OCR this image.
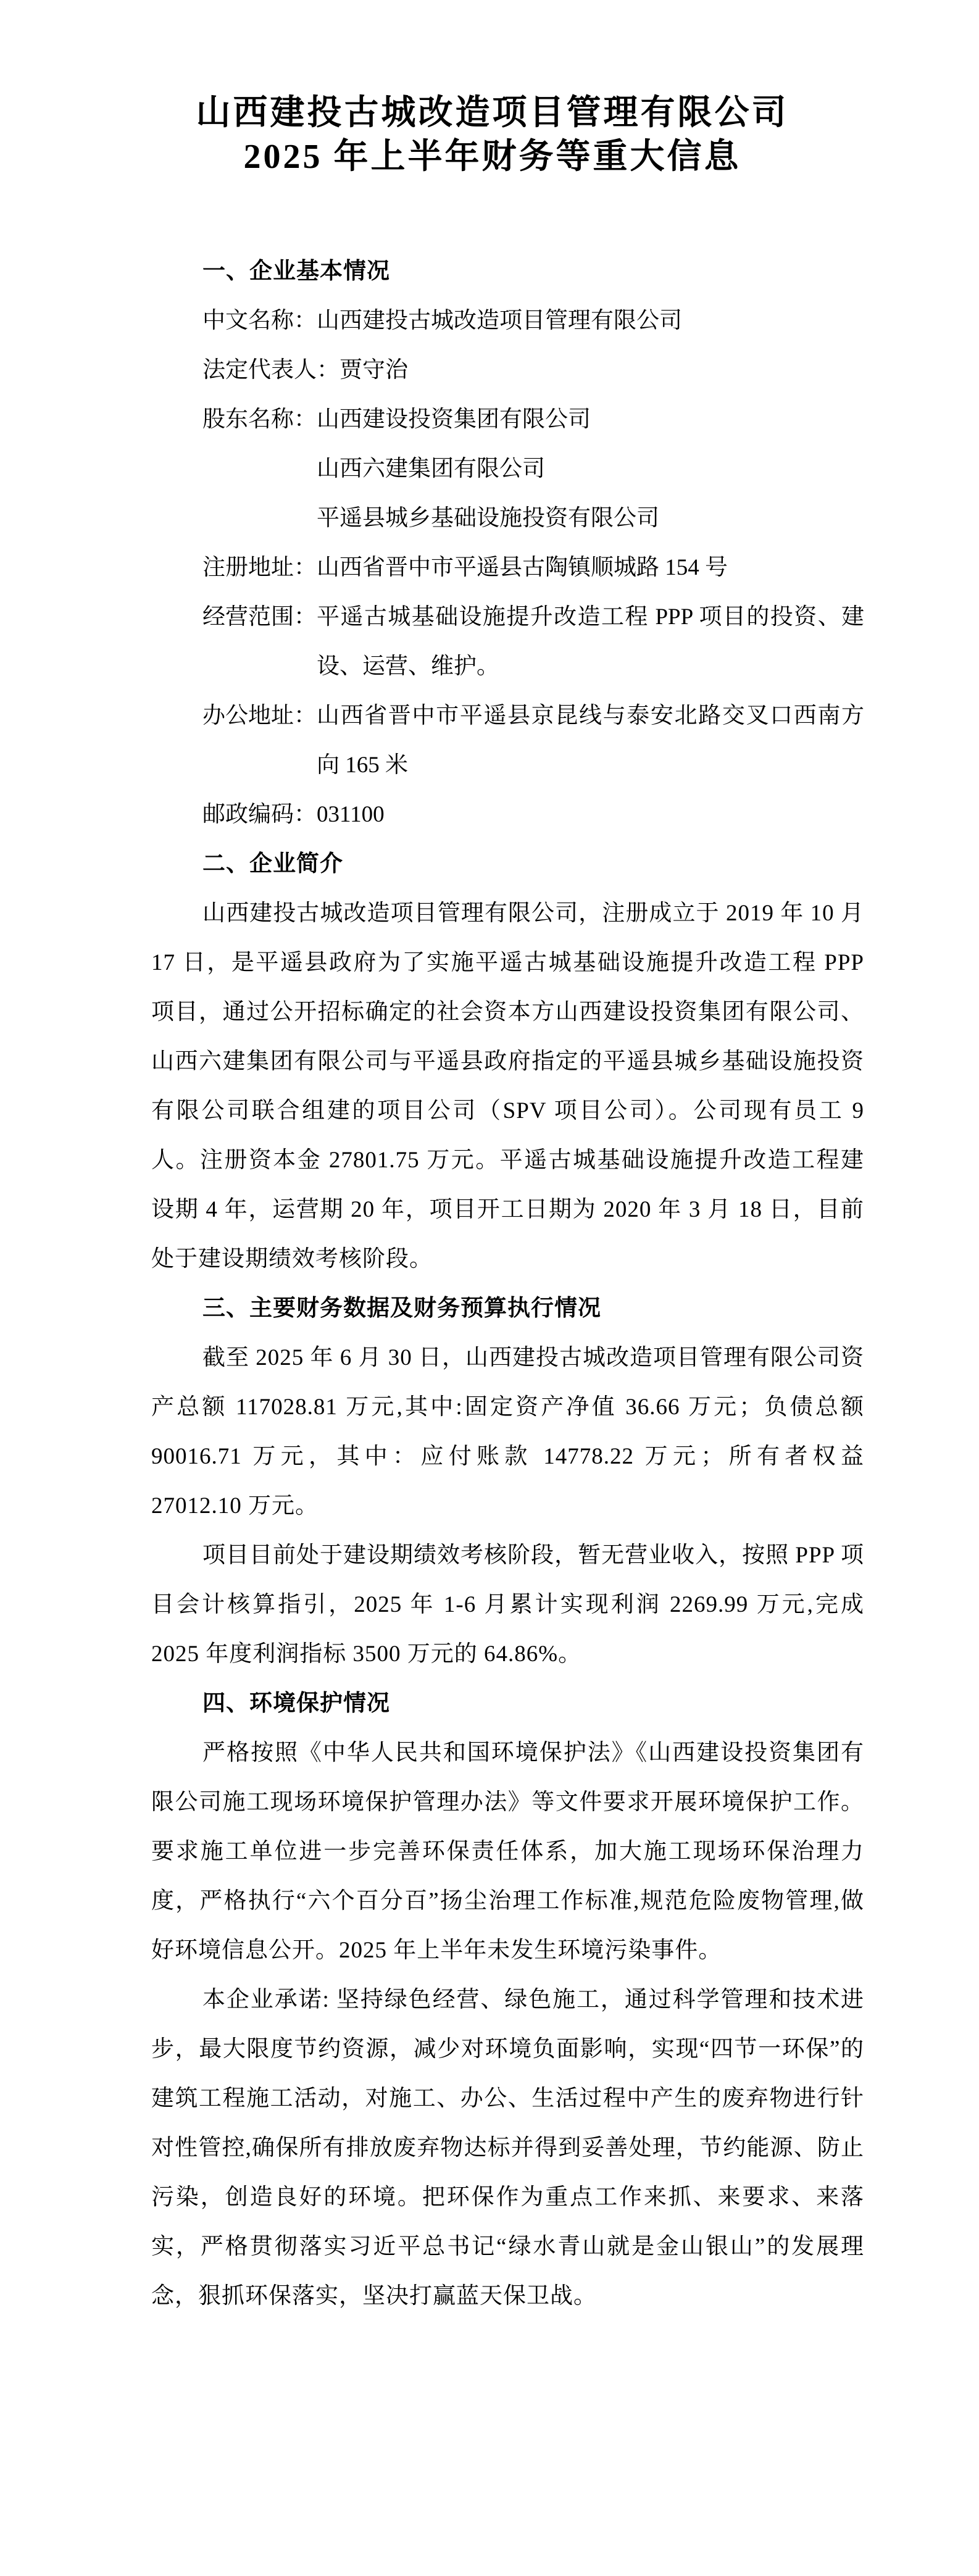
山西建投古城改造项目管理有限公司
2025 年上半年财务等重大信息
一、企业基本情况
中文名称： 山西建投古城改造项目管理有限公司
法定代表人： 贾守治
股东名称： 山西建设投资集团有限公司
山西六建集团有限公司
平遥县城乡基础设施投资有限公司
注册地址： 山西省晋中市平遥县古陶镇顺城路 154 号
经营范围： 平遥古城基础设施提升改造工程 PPP 项目的投资、建设、运营、维护。
办公地址： 山西省晋中市平遥县京昆线与泰安北路交叉口西南方向 165 米
邮政编码： 031100
二、企业简介

山西建投古城改造项目管理有限公司，注册成立于 2019 年 10 月 17 日，是平遥县政府为了实施平遥古城基础设施提升改造工程 PPP 项目，通过公开招标确定的社会资本方山西建设投资集团有限公司、山西六建集团有限公司与平遥县政府指定的平遥县城乡基础设施投资有限公司联合组建的项目公司（SPV 项目公司）。公司现有员工 9 人。注册资本金 27801.75 万元。平遥古城基础设施提升改造工程建设期 4 年，运营期 20 年，项目开工日期为 2020 年 3 月 18 日，目前处于建设期绩效考核阶段。

三、主要财务数据及财务预算执行情况

截至 2025 年 6 月 30 日，山西建投古城改造项目管理有限公司资产总额 117028.81 万元,其中:固定资产净值 36.66 万元；负债总额 90016.71 万元，其中：应付账款 14778.22 万元；所有者权益 27012.10 万元。

项目目前处于建设期绩效考核阶段，暂无营业收入，按照 PPP 项目会计核算指引，2025 年 1-6 月累计实现利润 2269.99 万元,完成 2025 年度利润指标 3500 万元的 64.86%。

四、环境保护情况

严格按照《中华人民共和国环境保护法》《山西建设投资集团有限公司施工现场环境保护管理办法》等文件要求开展环境保护工作。要求施工单位进一步完善环保责任体系，加大施工现场环保治理力度，严格执行“六个百分百”扬尘治理工作标准,规范危险废物管理,做好环境信息公开。2025 年上半年未发生环境污染事件。

本企业承诺: 坚持绿色经营、绿色施工，通过科学管理和技术进步，最大限度节约资源，减少对环境负面影响，实现“四节一环保”的建筑工程施工活动，对施工、办公、生活过程中产生的废弃物进行针对性管控,确保所有排放废弃物达标并得到妥善处理，节约能源、防止污染，创造良好的环境。把环保作为重点工作来抓、来要求、来落实，严格贯彻落实习近平总书记“绿水青山就是金山银山”的发展理念，狠抓环保落实，坚决打赢蓝天保卫战。
